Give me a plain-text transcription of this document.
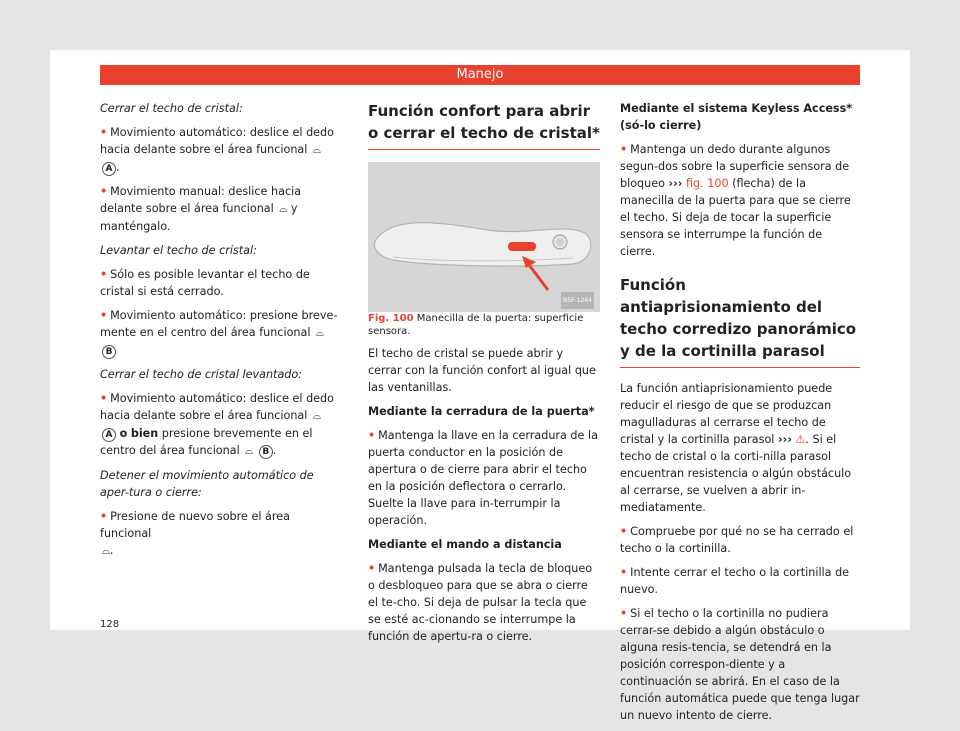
Manejo

Cerrar el techo de cristal:

• Movimiento automático: deslice el dedo hacia delante sobre el área funcional ⌓ A .

• Movimiento manual: deslice hacia delante sobre el área funcional ⌓ y manténgalo.

Levantar el techo de cristal:

• Sólo es posible levantar el techo de cristal si está cerrado.

• Movimiento automático: presione breve-mente en el centro del área funcional ⌓ B

Cerrar el techo de cristal levantado:

• Movimiento automático: deslice el dedo hacia delante sobre el área funcional ⌓ A o bien presione brevemente en el centro del área funcional ⌓ B .

Detener el movimiento automático de aper-tura o cierre:

• Presione de nuevo sobre el área funcional
⌓.

Función confort para abrir o cerrar el techo de cristal*
B5F-1264

Fig. 100 Manecilla de la puerta: superficie sensora.

El techo de cristal se puede abrir y cerrar con la función confort al igual que las ventanillas.

Mediante la cerradura de la puerta*

• Mantenga la llave en la cerradura de la puerta conductor en la posición de apertura o de cierre para abrir el techo en la posición deflectora o cerrarlo. Suelte la llave para in-terrumpir la operación.

Mediante el mando a distancia

• Mantenga pulsada la tecla de bloqueo o desbloqueo para que se abra o cierre el te-cho. Si deja de pulsar la tecla que se esté ac-cionando se interrumpe la función de apertu-ra o cierre.

Mediante el sistema Keyless Access* (só-lo cierre)

• Mantenga un dedo durante algunos segun-dos sobre la superficie sensora de bloqueo ››› fig. 100 (flecha) de la manecilla de la puerta para que se cierre el techo. Si deja de tocar la superficie sensora se interrumpe la función de cierre.

Función antiaprisionamiento del techo corredizo panorámico y de la cortinilla parasol

La función antiaprisionamiento puede reducir el riesgo de que se produzcan magulladuras al cerrarse el techo de cristal y la cortinilla parasol ››› ⚠. Si el techo de cristal o la corti-nilla parasol encuentran resistencia o algún obstáculo al cerrarse, se vuelven a abrir in-mediatamente.

• Compruebe por qué no se ha cerrado el techo o la cortinilla.

• Intente cerrar el techo o la cortinilla de nuevo.

• Si el techo o la cortinilla no pudiera cerrar-se debido a algún obstáculo o alguna resis-tencia, se detendrá en la posición correspon-diente y a continuación se abrirá. En el caso de la función automática puede que tenga lugar un nuevo intento de cierre.

128
